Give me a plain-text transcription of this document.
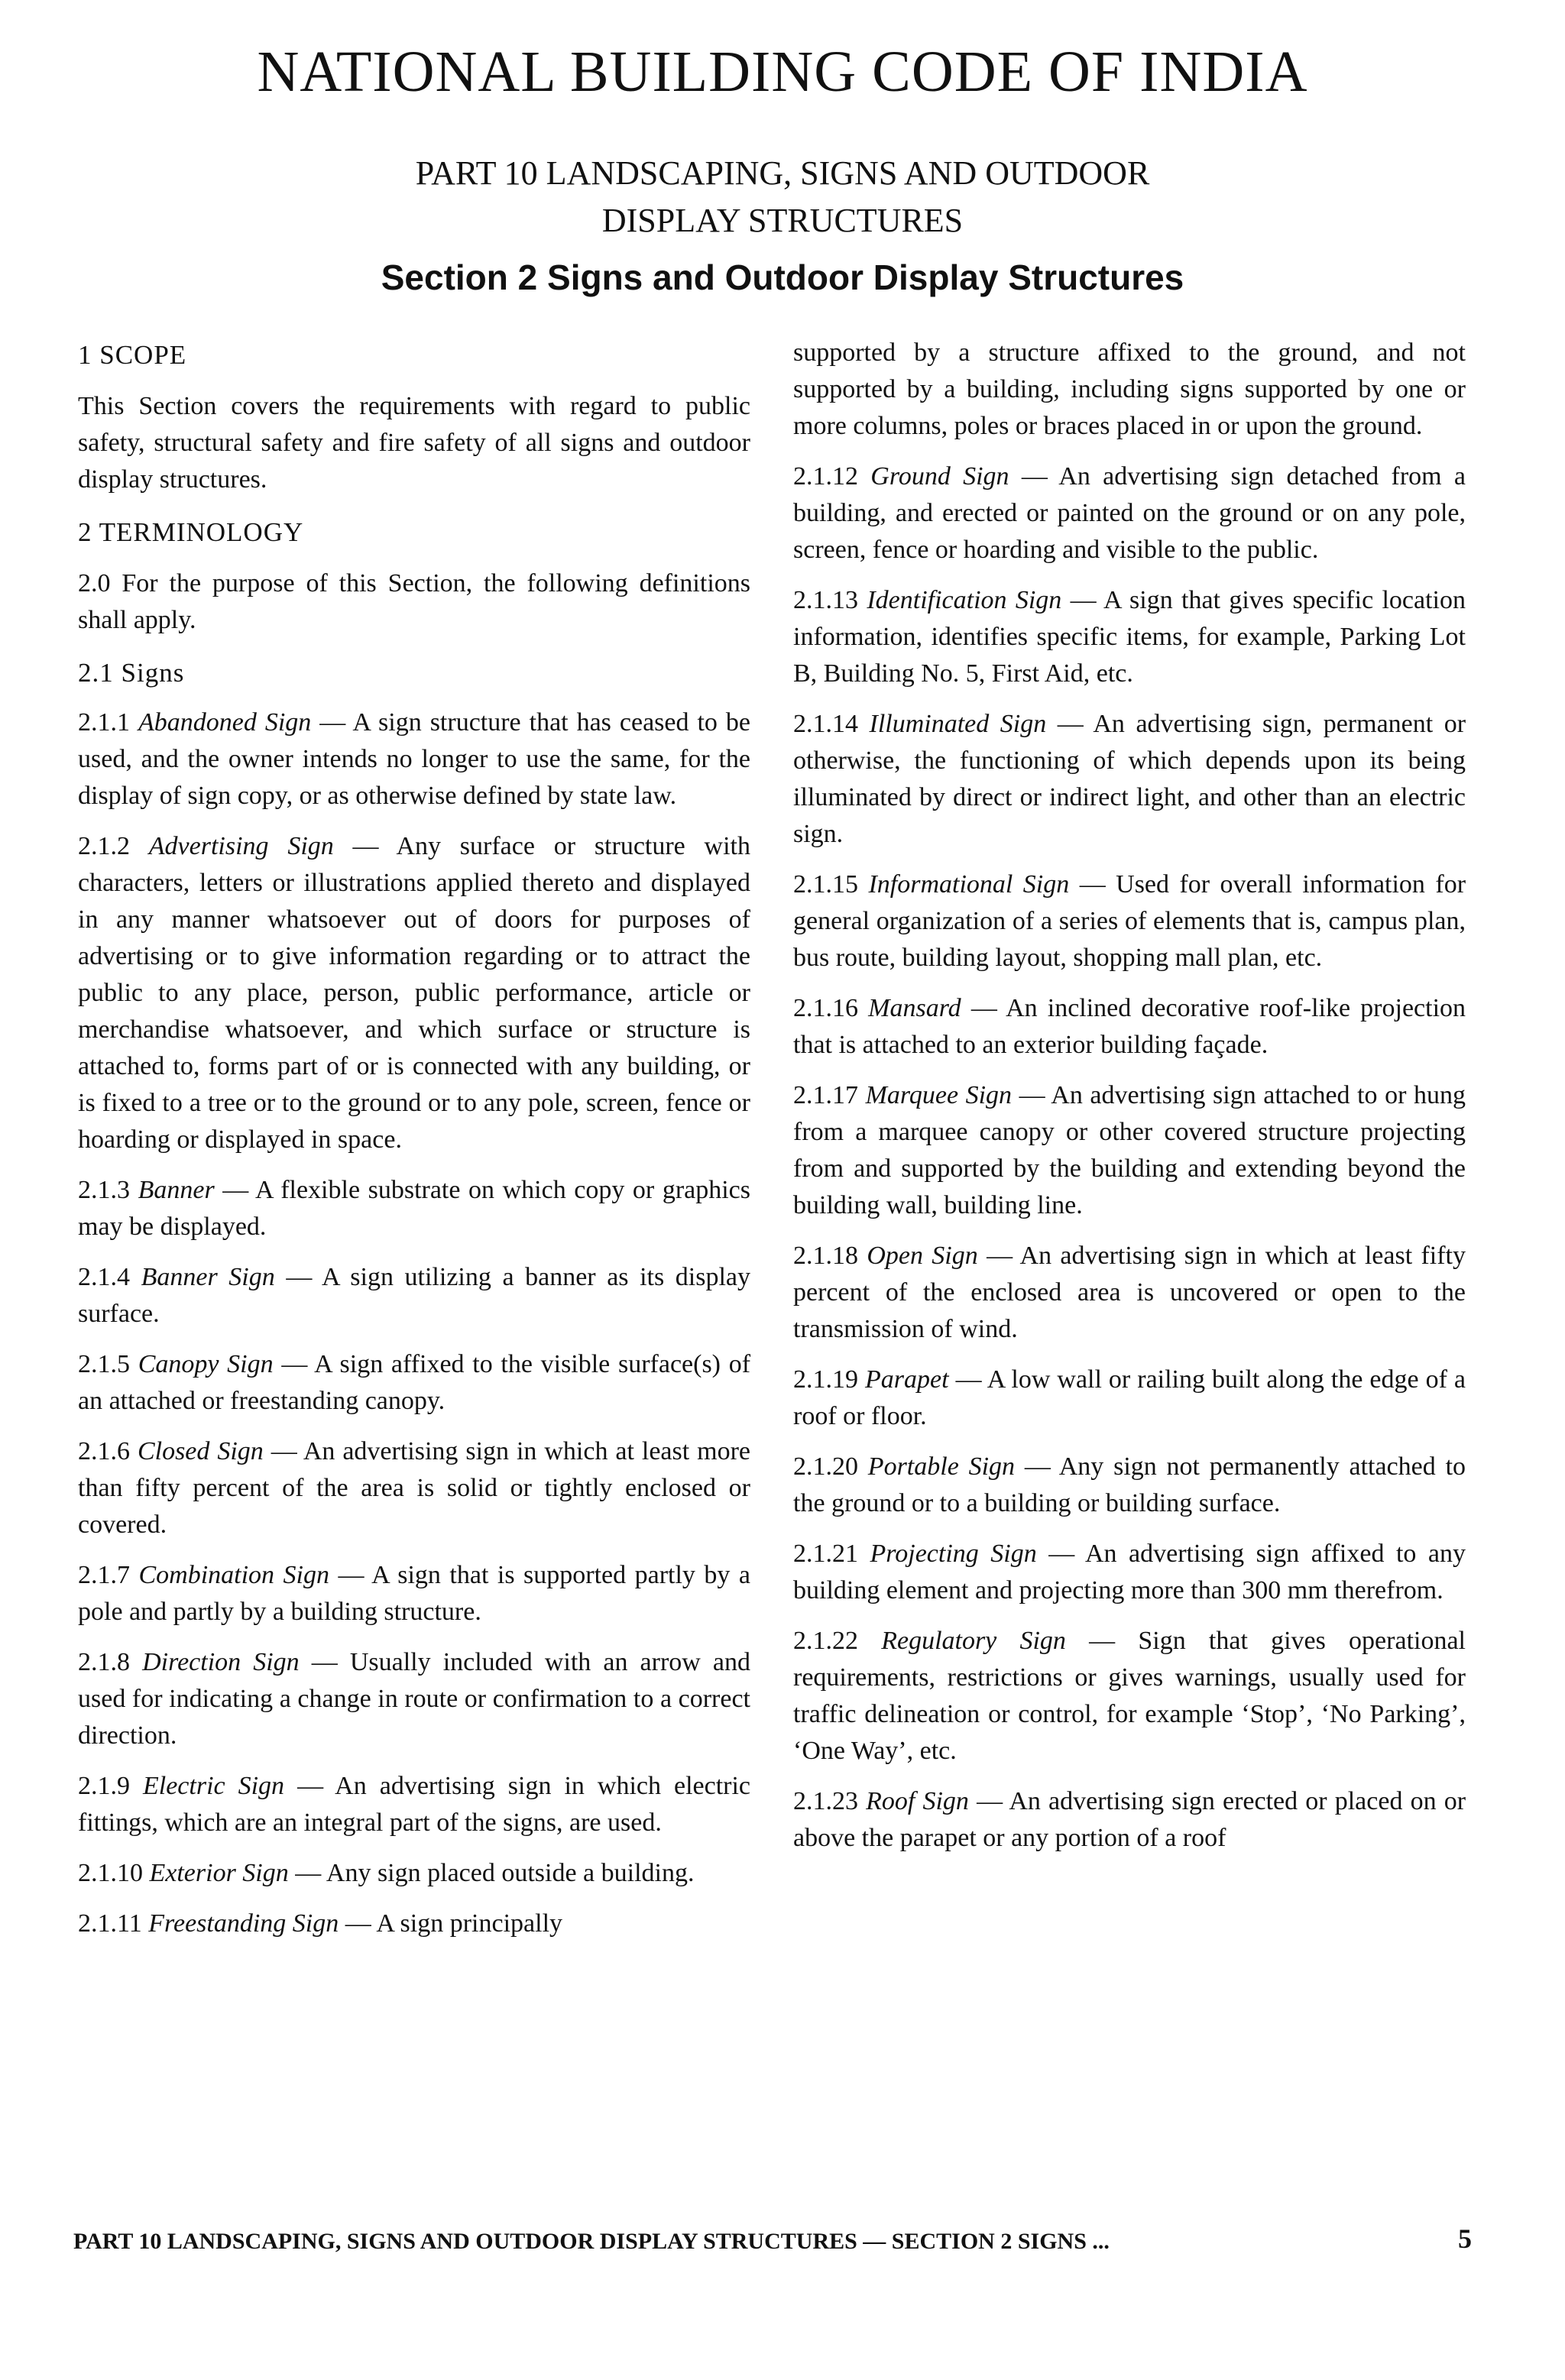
NATIONAL BUILDING CODE OF INDIA
PART 10 LANDSCAPING, SIGNS AND OUTDOOR
DISPLAY STRUCTURES
Section 2 Signs and Outdoor Display Structures
1 SCOPE

This Section covers the requirements with regard to public safety, structural safety and fire safety of all signs and outdoor display structures.

2 TERMINOLOGY

2.0 For the purpose of this Section, the following definitions shall apply.

2.1 Signs

2.1.1 Abandoned Sign — A sign structure that has ceased to be used, and the owner intends no longer to use the same, for the display of sign copy, or as otherwise defined by state law.

2.1.2 Advertising Sign — Any surface or structure with characters, letters or illustrations applied thereto and displayed in any manner whatsoever out of doors for purposes of advertising or to give information regarding or to attract the public to any place, person, public performance, article or merchandise whatsoever, and which surface or structure is attached to, forms part of or is connected with any building, or is fixed to a tree or to the ground or to any pole, screen, fence or hoarding or displayed in space.

2.1.3 Banner — A flexible substrate on which copy or graphics may be displayed.

2.1.4 Banner Sign — A sign utilizing a banner as its display surface.

2.1.5 Canopy Sign — A sign affixed to the visible surface(s) of an attached or freestanding canopy.

2.1.6 Closed Sign — An advertising sign in which at least more than fifty percent of the area is solid or tightly enclosed or covered.

2.1.7 Combination Sign — A sign that is supported partly by a pole and partly by a building structure.

2.1.8 Direction Sign — Usually included with an arrow and used for indicating a change in route or confirmation to a correct direction.

2.1.9 Electric Sign — An advertising sign in which electric fittings, which are an integral part of the signs, are used.

2.1.10 Exterior Sign — Any sign placed outside a building.

2.1.11 Freestanding Sign — A sign principally

supported by a structure affixed to the ground, and not supported by a building, including signs supported by one or more columns, poles or braces placed in or upon the ground.

2.1.12 Ground Sign — An advertising sign detached from a building, and erected or painted on the ground or on any pole, screen, fence or hoarding and visible to the public.

2.1.13 Identification Sign — A sign that gives specific location information, identifies specific items, for example, Parking Lot B, Building No. 5, First Aid, etc.

2.1.14 Illuminated Sign — An advertising sign, permanent or otherwise, the functioning of which depends upon its being illuminated by direct or indirect light, and other than an electric sign.

2.1.15 Informational Sign — Used for overall information for general organization of a series of elements that is, campus plan, bus route, building layout, shopping mall plan, etc.

2.1.16 Mansard — An inclined decorative roof-like projection that is attached to an exterior building façade.

2.1.17 Marquee Sign — An advertising sign attached to or hung from a marquee canopy or other covered structure projecting from and supported by the building and extending beyond the building wall, building line.

2.1.18 Open Sign — An advertising sign in which at least fifty percent of the enclosed area is uncovered or open to the transmission of wind.

2.1.19 Parapet — A low wall or railing built along the edge of a roof or floor.

2.1.20 Portable Sign — Any sign not permanently attached to the ground or to a building or building surface.

2.1.21 Projecting Sign — An advertising sign affixed to any building element and projecting more than 300 mm therefrom.

2.1.22 Regulatory Sign — Sign that gives operational requirements, restrictions or gives warnings, usually used for traffic delineation or control, for example ‘Stop’, ‘No Parking’, ‘One Way’, etc.

2.1.23 Roof Sign — An advertising sign erected or placed on or above the parapet or any portion of a roof

PART 10 LANDSCAPING, SIGNS AND OUTDOOR DISPLAY STRUCTURES — SECTION 2 SIGNS ...	5
